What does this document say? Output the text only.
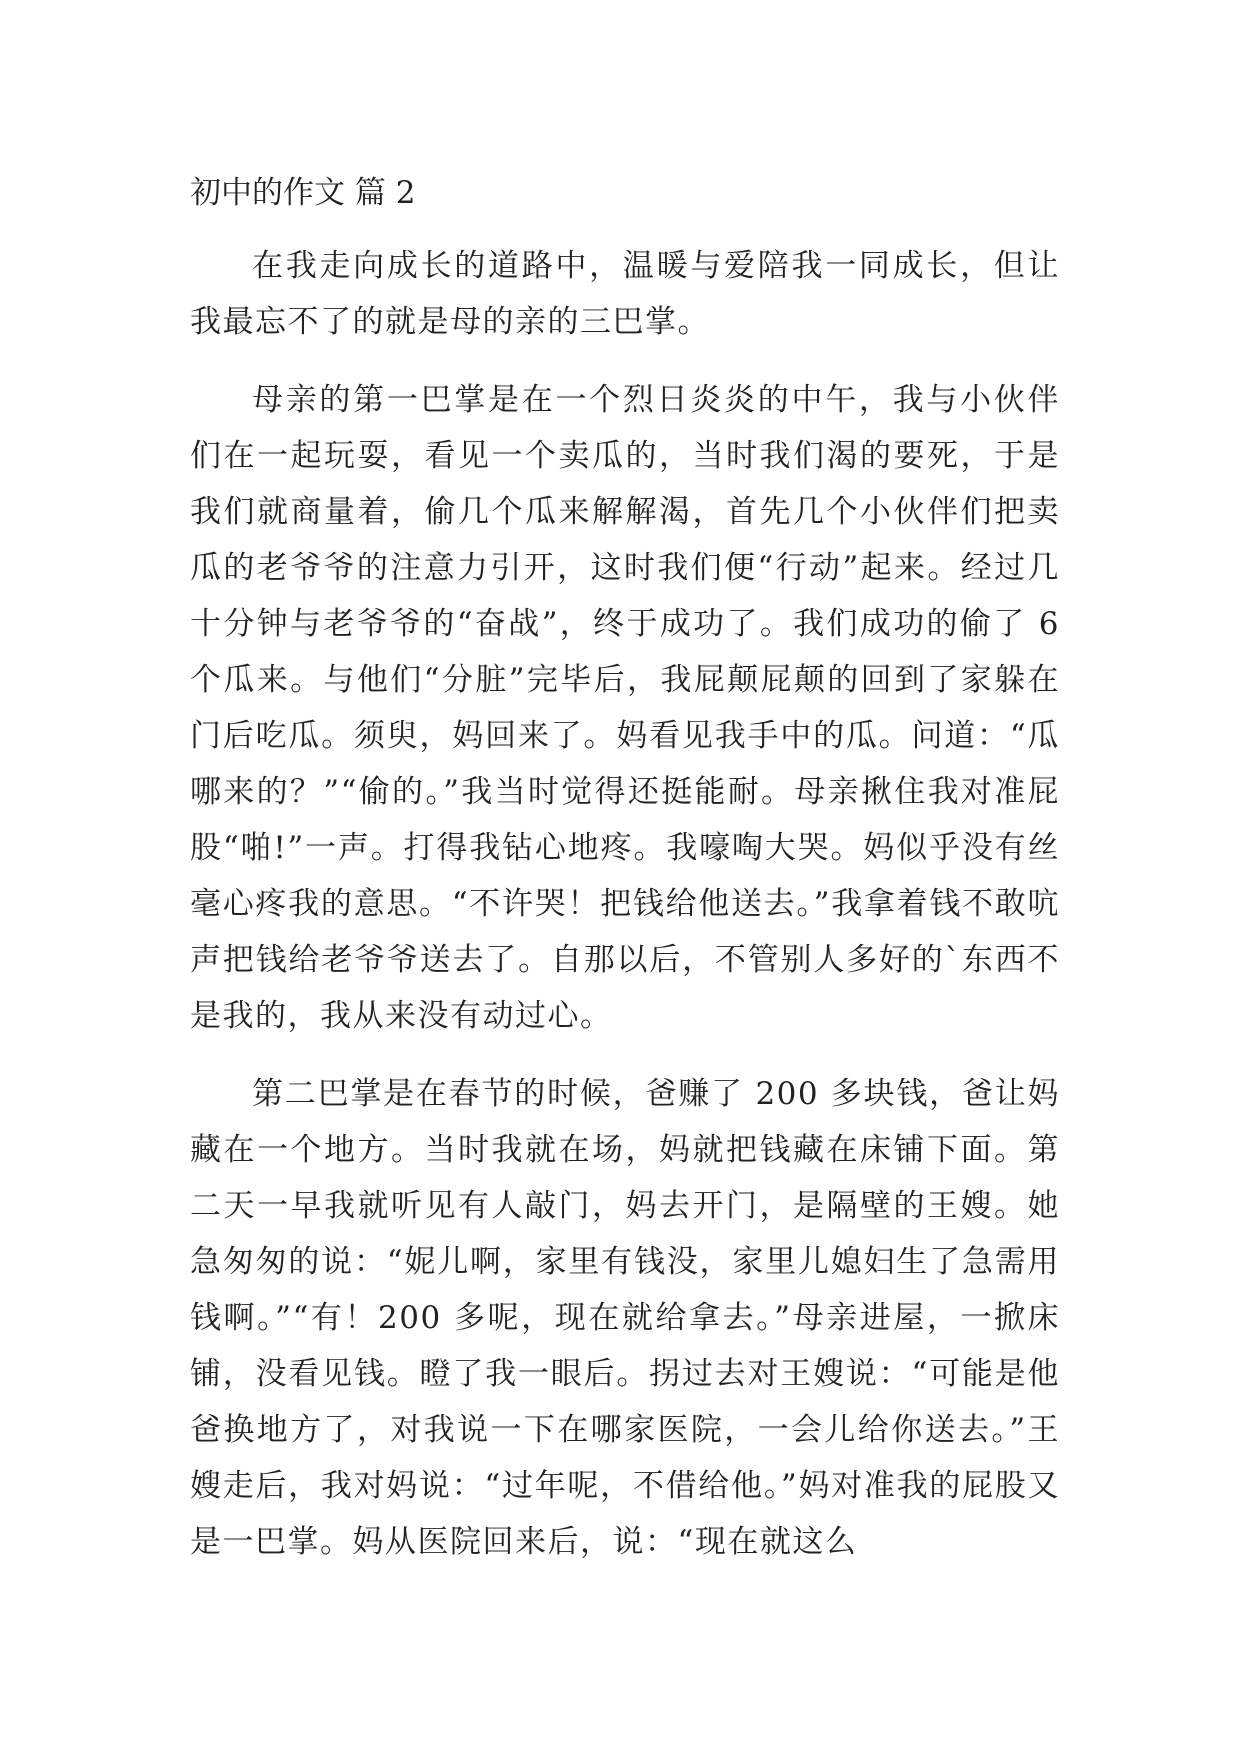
初中的作文 篇 2

在我走向成长的道路中，温暖与爱陪我一同成长，但让我最忘不了的就是母的亲的三巴掌。

母亲的第一巴掌是在一个烈日炎炎的中午，我与小伙伴们在一起玩耍，看见一个卖瓜的，当时我们渴的要死，于是我们就商量着，偷几个瓜来解解渴，首先几个小伙伴们把卖瓜的老爷爷的注意力引开，这时我们便“行动”起来。经过几十分钟与老爷爷的“奋战”，终于成功了。我们成功的偷了 6 个瓜来。与他们“分脏”完毕后，我屁颠屁颠的回到了家躲在门后吃瓜。须臾，妈回来了。妈看见我手中的瓜。问道：“瓜哪来的？”“偷的。”我当时觉得还挺能耐。母亲揪住我对准屁股“啪!”一声。打得我钻心地疼。我嚎啕大哭。妈似乎没有丝毫心疼我的意思。“不许哭！把钱给他送去。”我拿着钱不敢吭声把钱给老爷爷送去了。自那以后，不管别人多好的`东西不是我的，我从来没有动过心。

第二巴掌是在春节的时候，爸赚了 200 多块钱，爸让妈藏在一个地方。当时我就在场，妈就把钱藏在床铺下面。第二天一早我就听见有人敲门，妈去开门，是隔壁的王嫂。她急匆匆的说：“妮儿啊，家里有钱没，家里儿媳妇生了急需用钱啊。”“有！200 多呢，现在就给拿去。”母亲进屋，一掀床铺，没看见钱。瞪了我一眼后。拐过去对王嫂说：“可能是他爸换地方了，对我说一下在哪家医院，一会儿给你送去。”王嫂走后，我对妈说：“过年呢，不借给他。”妈对准我的屁股又是一巴掌。妈从医院回来后，说：“现在就这么
